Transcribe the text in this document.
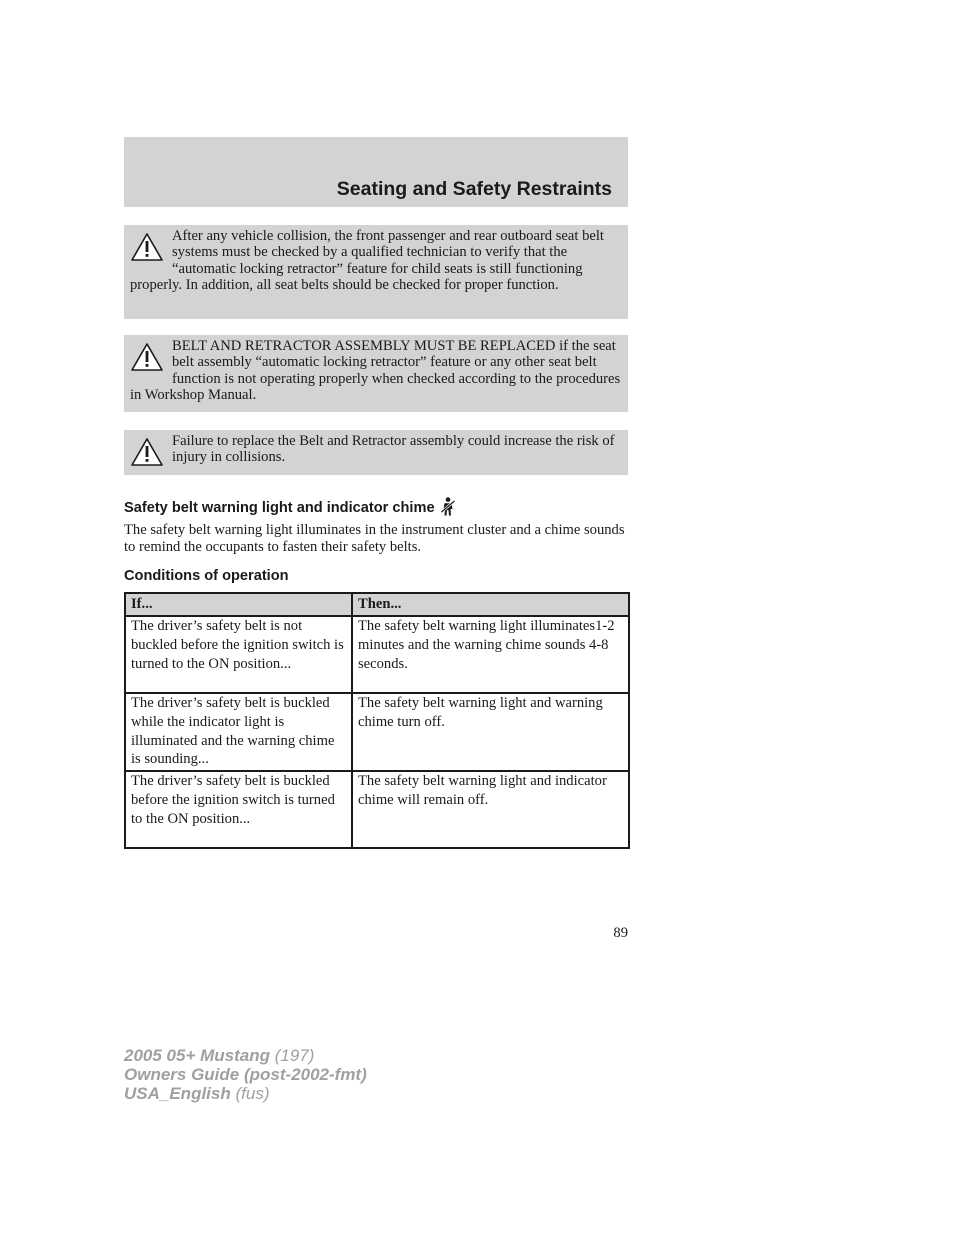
Seating and Safety Restraints

After any vehicle collision, the front passenger and rear outboard seat belt systems must be checked by a qualified technician to verify that the “automatic locking retractor” feature for child seats is still functioning properly. In addition, all seat belts should be checked for proper function.

BELT AND RETRACTOR ASSEMBLY MUST BE REPLACED if the seat belt assembly “automatic locking retractor” feature or any other seat belt function is not operating properly when checked according to the procedures in Workshop Manual.

Failure to replace the Belt and Retractor assembly could increase the risk of injury in collisions.

Safety belt warning light and indicator chime

The safety belt warning light illuminates in the instrument cluster and a chime sounds to remind the occupants to fasten their safety belts.

Conditions of operation
If...	Then...
The driver’s safety belt is not buckled before the ignition switch is turned to the ON position...	The safety belt warning light illuminates1-2 minutes and the warning chime sounds 4-8 seconds.
The driver’s safety belt is buckled while the indicator light is illuminated and the warning chime is sounding...	The safety belt warning light and warning chime turn off.
The driver’s safety belt is buckled before the ignition switch is turned to the ON position...	The safety belt warning light and indicator chime will remain off.

89

2005 05+ Mustang (197)
Owners Guide (post-2002-fmt)
USA_English (fus)
